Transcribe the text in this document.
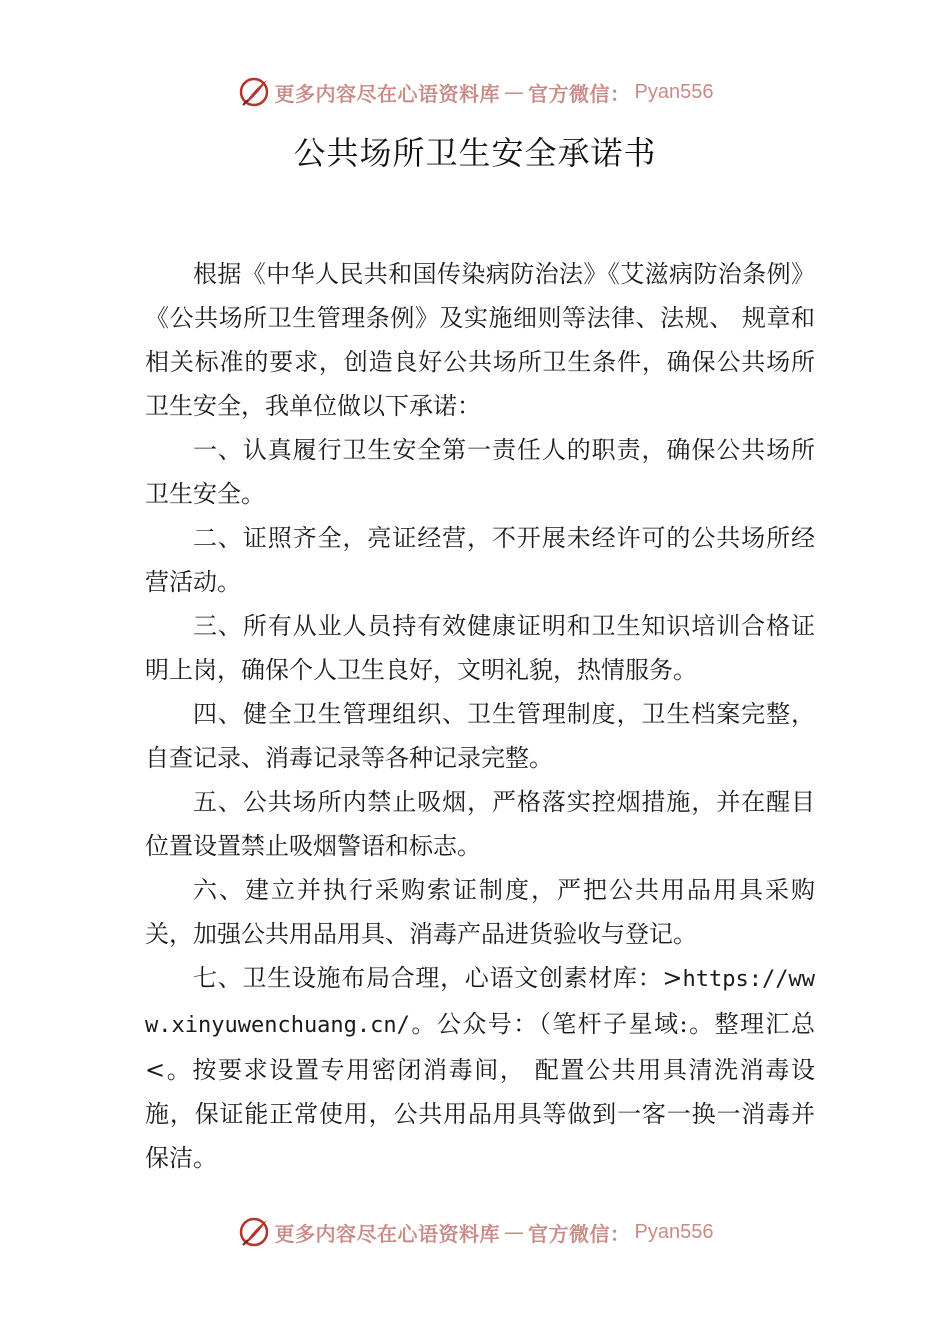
更多内容尽在心语资料库 — 官方微信： Pyan556
公共场所卫生安全承诺书

根据《中华人民共和国传染病防治法》《艾滋病防治条例》《公共场所卫生管理条例》及实施细则等法律、法规、 规章和相关标准的要求，创造良好公共场所卫生条件，确保公共场所卫生安全，我单位做以下承诺：

一、认真履行卫生安全第一责任人的职责，确保公共场所卫生安全。

二、证照齐全，亮证经营，不开展未经许可的公共场所经营活动。

三、所有从业人员持有效健康证明和卫生知识培训合格证明上岗，确保个人卫生良好，文明礼貌，热情服务。

四、健全卫生管理组织、卫生管理制度，卫生档案完整，自查记录、消毒记录等各种记录完整。

五、公共场所内禁止吸烟，严格落实控烟措施，并在醒目位置设置禁止吸烟警语和标志。

六、建立并执行采购索证制度，严把公共用品用具采购关，加强公共用品用具、消毒产品进货验收与登记。

七、卫生设施布局合理，心语文创素材库：>https://www.xinyuwenchuang.cn/。公众号：（笔杆子星域:。整理汇总<。按要求设置专用密闭消毒间， 配置公共用具清洗消毒设施，保证能正常使用，公共用品用具等做到一客一换一消毒并保洁。

更多内容尽在心语资料库 — 官方微信： Pyan556
